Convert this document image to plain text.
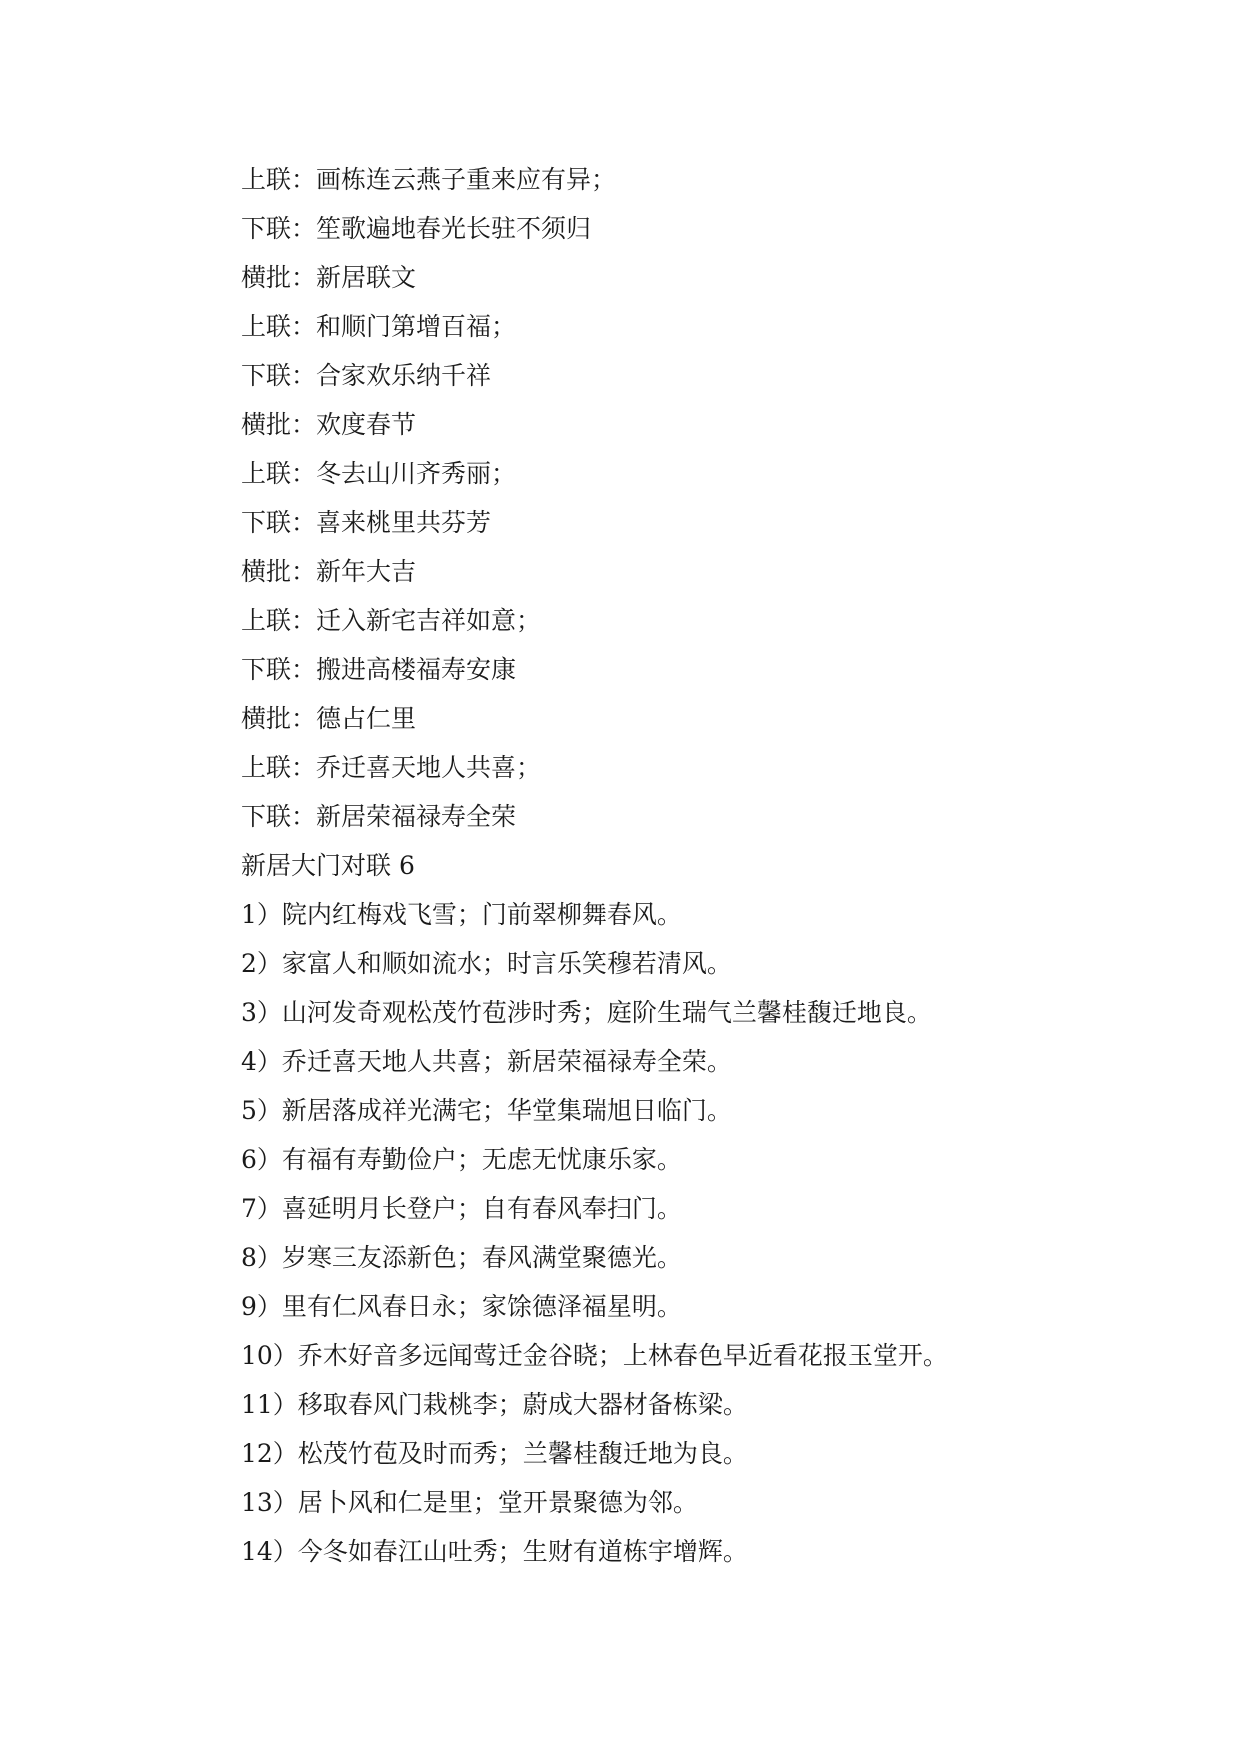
上联：画栋连云燕子重来应有异；

下联：笙歌遍地春光长驻不须归

横批：新居联文

上联：和顺门第增百福；

下联：合家欢乐纳千祥

横批：欢度春节

上联：冬去山川齐秀丽；

下联：喜来桃里共芬芳

横批：新年大吉

上联：迁入新宅吉祥如意；

下联：搬进高楼福寿安康

横批：德占仁里

上联：乔迁喜天地人共喜；

下联：新居荣福禄寿全荣

新居大门对联 6

1）院内红梅戏飞雪；门前翠柳舞春风。

2）家富人和顺如流水；时言乐笑穆若清风。

3）山河发奇观松茂竹苞涉时秀；庭阶生瑞气兰馨桂馥迁地良。

4）乔迁喜天地人共喜；新居荣福禄寿全荣。

5）新居落成祥光满宅；华堂集瑞旭日临门。

6）有福有寿勤俭户；无虑无忧康乐家。

7）喜延明月长登户；自有春风奉扫门。

8）岁寒三友添新色；春风满堂聚德光。

9）里有仁风春日永；家馀德泽福星明。

10）乔木好音多远闻莺迁金谷晓；上林春色早近看花报玉堂开。

11）移取春风门栽桃李；蔚成大器材备栋梁。

12）松茂竹苞及时而秀；兰馨桂馥迁地为良。

13）居卜风和仁是里；堂开景聚德为邻。

14）今冬如春江山吐秀；生财有道栋宇增辉。
